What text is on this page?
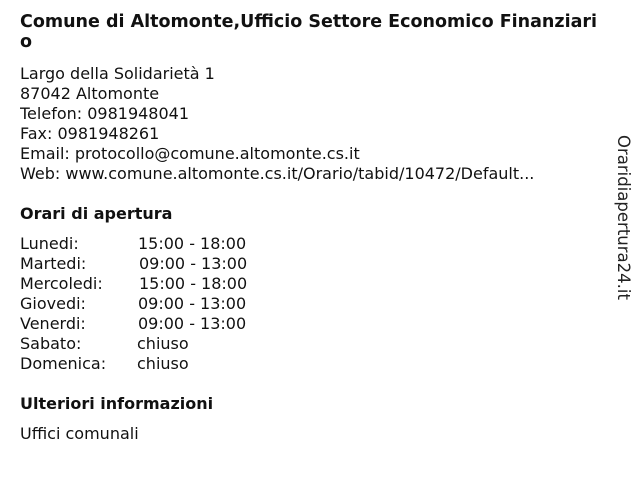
Comune di Altomonte,Ufficio Settore Economico Finanziario
Largo della Solidarietà 1
87042 Altomonte
Telefon: 0981948041
Fax: 0981948261
Email: protocollo@comune.altomonte.cs.it
Web: www.comune.altomonte.cs.it/Orario/tabid/10472/Default...
Orari di apertura
Lunedi:	15:00 - 18:00
Martedi:	09:00 - 13:00
Mercoledi: 15:00 - 18:00
Giovedi:	09:00 - 13:00
Venerdi:	09:00 - 13:00
Sabato:	chiuso
Domenica: chiuso
Ulteriori informazioni
Uffici comunali
Oraridiapertura24.it
